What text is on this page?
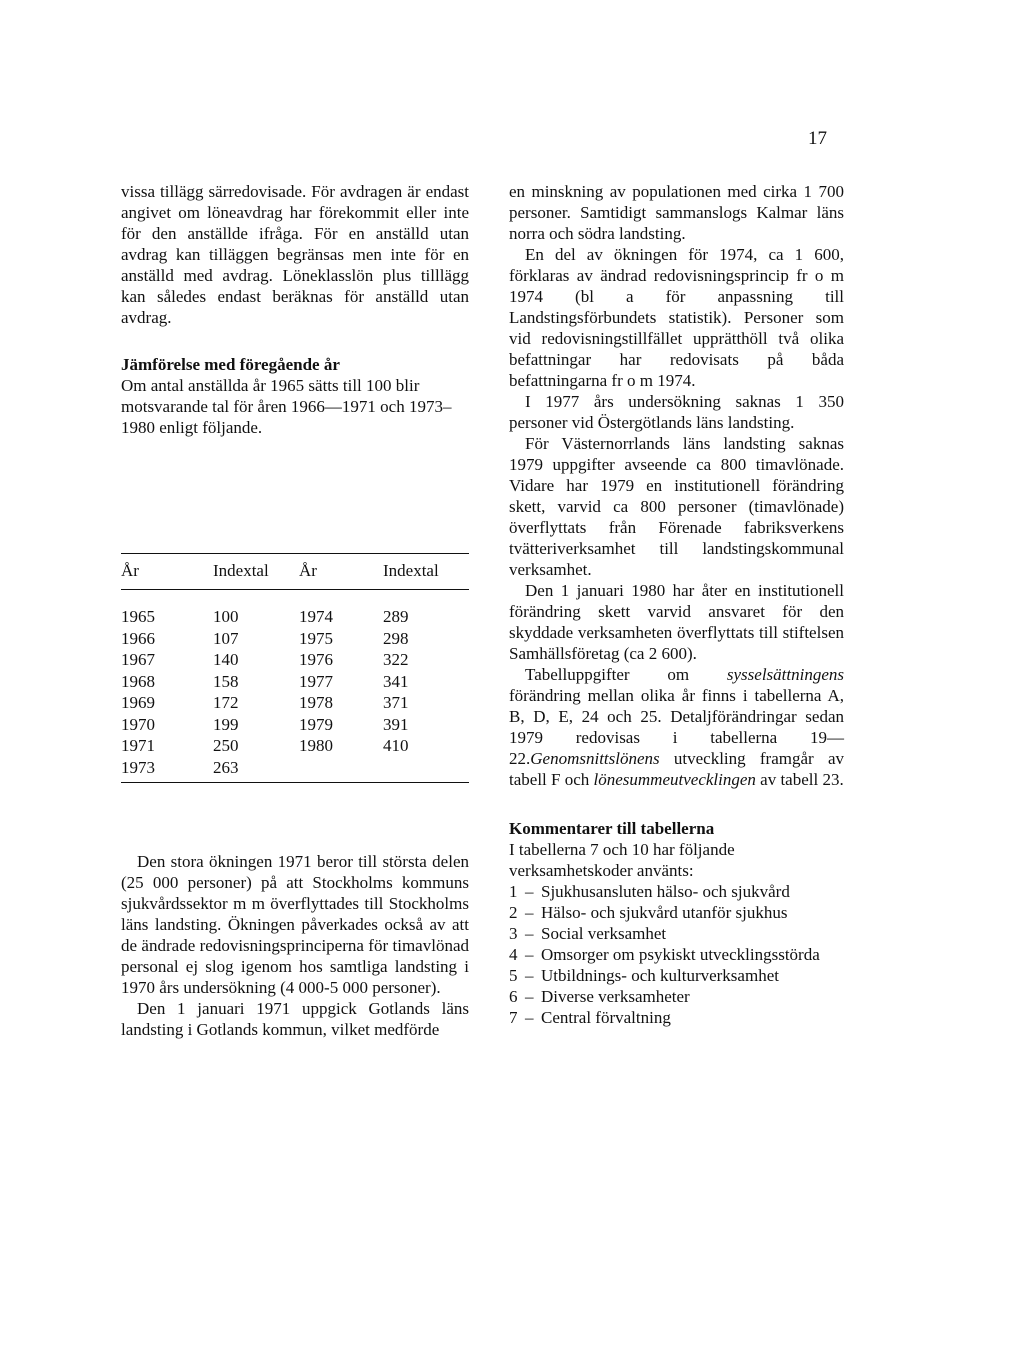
17

vissa tillägg särredovisade. För avdragen är endast angivet om löneavdrag har förekommit eller inte för den anställde ifråga. För en anställd utan avdrag kan tilläggen begränsas men inte för en anställd med avdrag. Löneklasslön plus tilllägg kan således endast beräknas för anställd utan avdrag.

Jämförelse med föregående år

Om antal anställda år 1965 sätts till 100 blir motsvarande tal för åren 1966—1971 och 1973–1980 enligt följande.

År	Indextal	År	Indextal
1965	100	1974	289
1966	107	1975	298
1967	140	1976	322
1968	158	1977	341
1969	172	1978	371
1970	199	1979	391
1971	250	1980	410
1973	263		

Den stora ökningen 1971 beror till största delen (25 000 personer) på att Stockholms kommuns sjukvårdssektor m m överflyttades till Stockholms läns landsting. Ökningen påverkades också av att de ändrade redovisningsprinciperna för timavlönad personal ej slog igenom hos samtliga landsting i 1970 års undersökning (4 000-5 000 personer).

Den 1 januari 1971 uppgick Gotlands läns landsting i Gotlands kommun, vilket medförde

en minskning av populationen med cirka 1 700 personer. Samtidigt sammanslogs Kalmar läns norra och södra landsting.

En del av ökningen för 1974, ca 1 600, förklaras av ändrad redovisningsprincip fr o m 1974 (bl a för anpassning till Landstingsförbundets statistik). Personer som vid redovisningstillfället upprätthöll två olika befattningar har redovisats på båda befattningarna fr o m 1974.

I 1977 års undersökning saknas 1 350 personer vid Östergötlands läns landsting.

För Västernorrlands läns landsting saknas 1979 uppgifter avseende ca 800 timavlönade. Vidare har 1979 en institutionell förändring skett, varvid ca 800 personer (timavlönade) överflyttats från Förenade fabriksverkens tvätteriverksamhet till landstingskommunal verksamhet.

Den 1 januari 1980 har åter en institutionell förändring skett varvid ansvaret för den skyddade verksamheten överflyttats till stiftelsen Samhällsföretag (ca 2 600).

Tabelluppgifter om sysselsättningens förändring mellan olika år finns i tabellerna A, B, D, E, 24 och 25. Detaljförändringar sedan 1979 redovisas i tabellerna 19—22.Genomsnittslönens utveckling framgår av tabell F och lönesummeutvecklingen av tabell 23.

Kommentarer till tabellerna

I tabellerna 7 och 10 har följande verksamhetskoder använts:

1 – Sjukhusansluten hälso- och sjukvård
2 – Hälso- och sjukvård utanför sjukhus
3 – Social verksamhet
4 – Omsorger om psykiskt utvecklingsstörda
5 – Utbildnings- och kulturverksamhet
6 – Diverse verksamheter
7 – Central förvaltning
